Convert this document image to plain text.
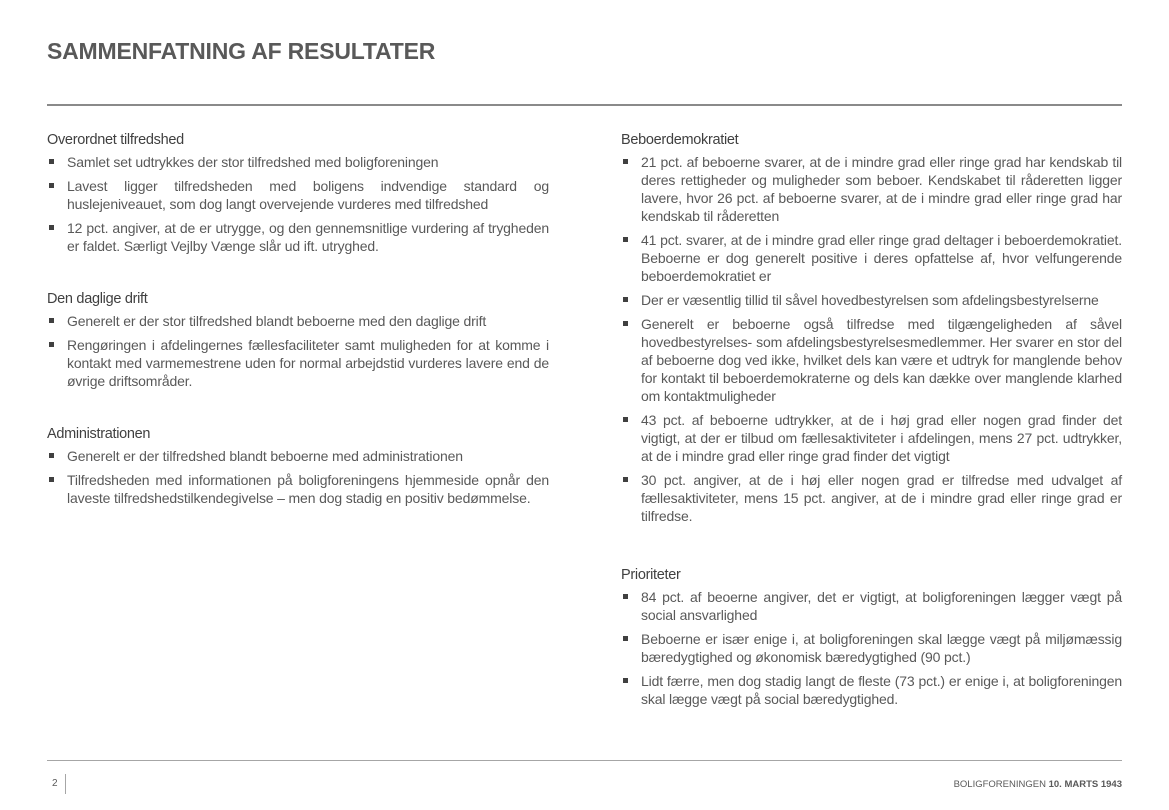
SAMMENFATNING AF RESULTATER
Overordnet tilfredshed
Samlet set udtrykkes der stor tilfredshed med boligforeningen
Lavest ligger tilfredsheden med boligens indvendige standard og huslejeniveauet, som dog langt overvejende vurderes med tilfredshed
12 pct. angiver, at de er utrygge, og den gennemsnitlige vurdering af trygheden er faldet. Særligt Vejlby Vænge slår ud ift. utryghed.
Den daglige drift
Generelt er der stor tilfredshed blandt beboerne med den daglige drift
Rengøringen i afdelingernes fællesfaciliteter samt muligheden for at komme i kontakt med varmemestrene uden for normal arbejdstid vurderes lavere end de øvrige driftsområder.
Administrationen
Generelt er der tilfredshed blandt beboerne med administrationen
Tilfredsheden med informationen på boligforeningens hjemmeside opnår den laveste tilfredshedstilkendegivelse – men dog stadig en positiv bedømmelse.
Beboerdemokratiet
21 pct. af beboerne svarer, at de i mindre grad eller ringe grad har kendskab til deres rettigheder og muligheder som beboer. Kendskabet til råderetten ligger lavere, hvor 26 pct. af beboerne svarer, at de i mindre grad eller ringe grad har kendskab til råderetten
41 pct. svarer, at de i mindre grad eller ringe grad deltager i beboerdemokratiet. Beboerne er dog generelt positive i deres opfattelse af, hvor velfungerende beboerdemokratiet er
Der er væsentlig tillid til såvel hovedbestyrelsen som afdelingsbestyrelserne
Generelt er beboerne også tilfredse med tilgængeligheden af såvel hovedbestyrelses- som afdelingsbestyrelsesmedlemmer. Her svarer en stor del af beboerne dog ved ikke, hvilket dels kan være et udtryk for manglende behov for kontakt til beboerdemokraterne og dels kan dække over manglende klarhed om kontaktmuligheder
43 pct. af beboerne udtrykker, at de i høj grad eller nogen grad finder det vigtigt, at der er tilbud om fællesaktiviteter i afdelingen, mens 27 pct. udtrykker, at de i mindre grad eller ringe grad finder det vigtigt
30 pct. angiver, at de i høj eller nogen grad er tilfredse med udvalget af fællesaktiviteter, mens 15 pct. angiver, at de i mindre grad eller ringe grad er tilfredse.
Prioriteter
84 pct. af beoerne angiver, det er vigtigt, at boligforeningen lægger vægt på social ansvarlighed
Beboerne er især enige i, at boligforeningen skal lægge vægt på miljømæssig bæredygtighed og økonomisk bæredygtighed (90 pct.)
Lidt færre, men dog stadig langt de fleste (73 pct.) er enige i, at boligforeningen skal lægge vægt på social bæredygtighed.
2	BOLIGFORENINGEN 10. MARTS 1943
